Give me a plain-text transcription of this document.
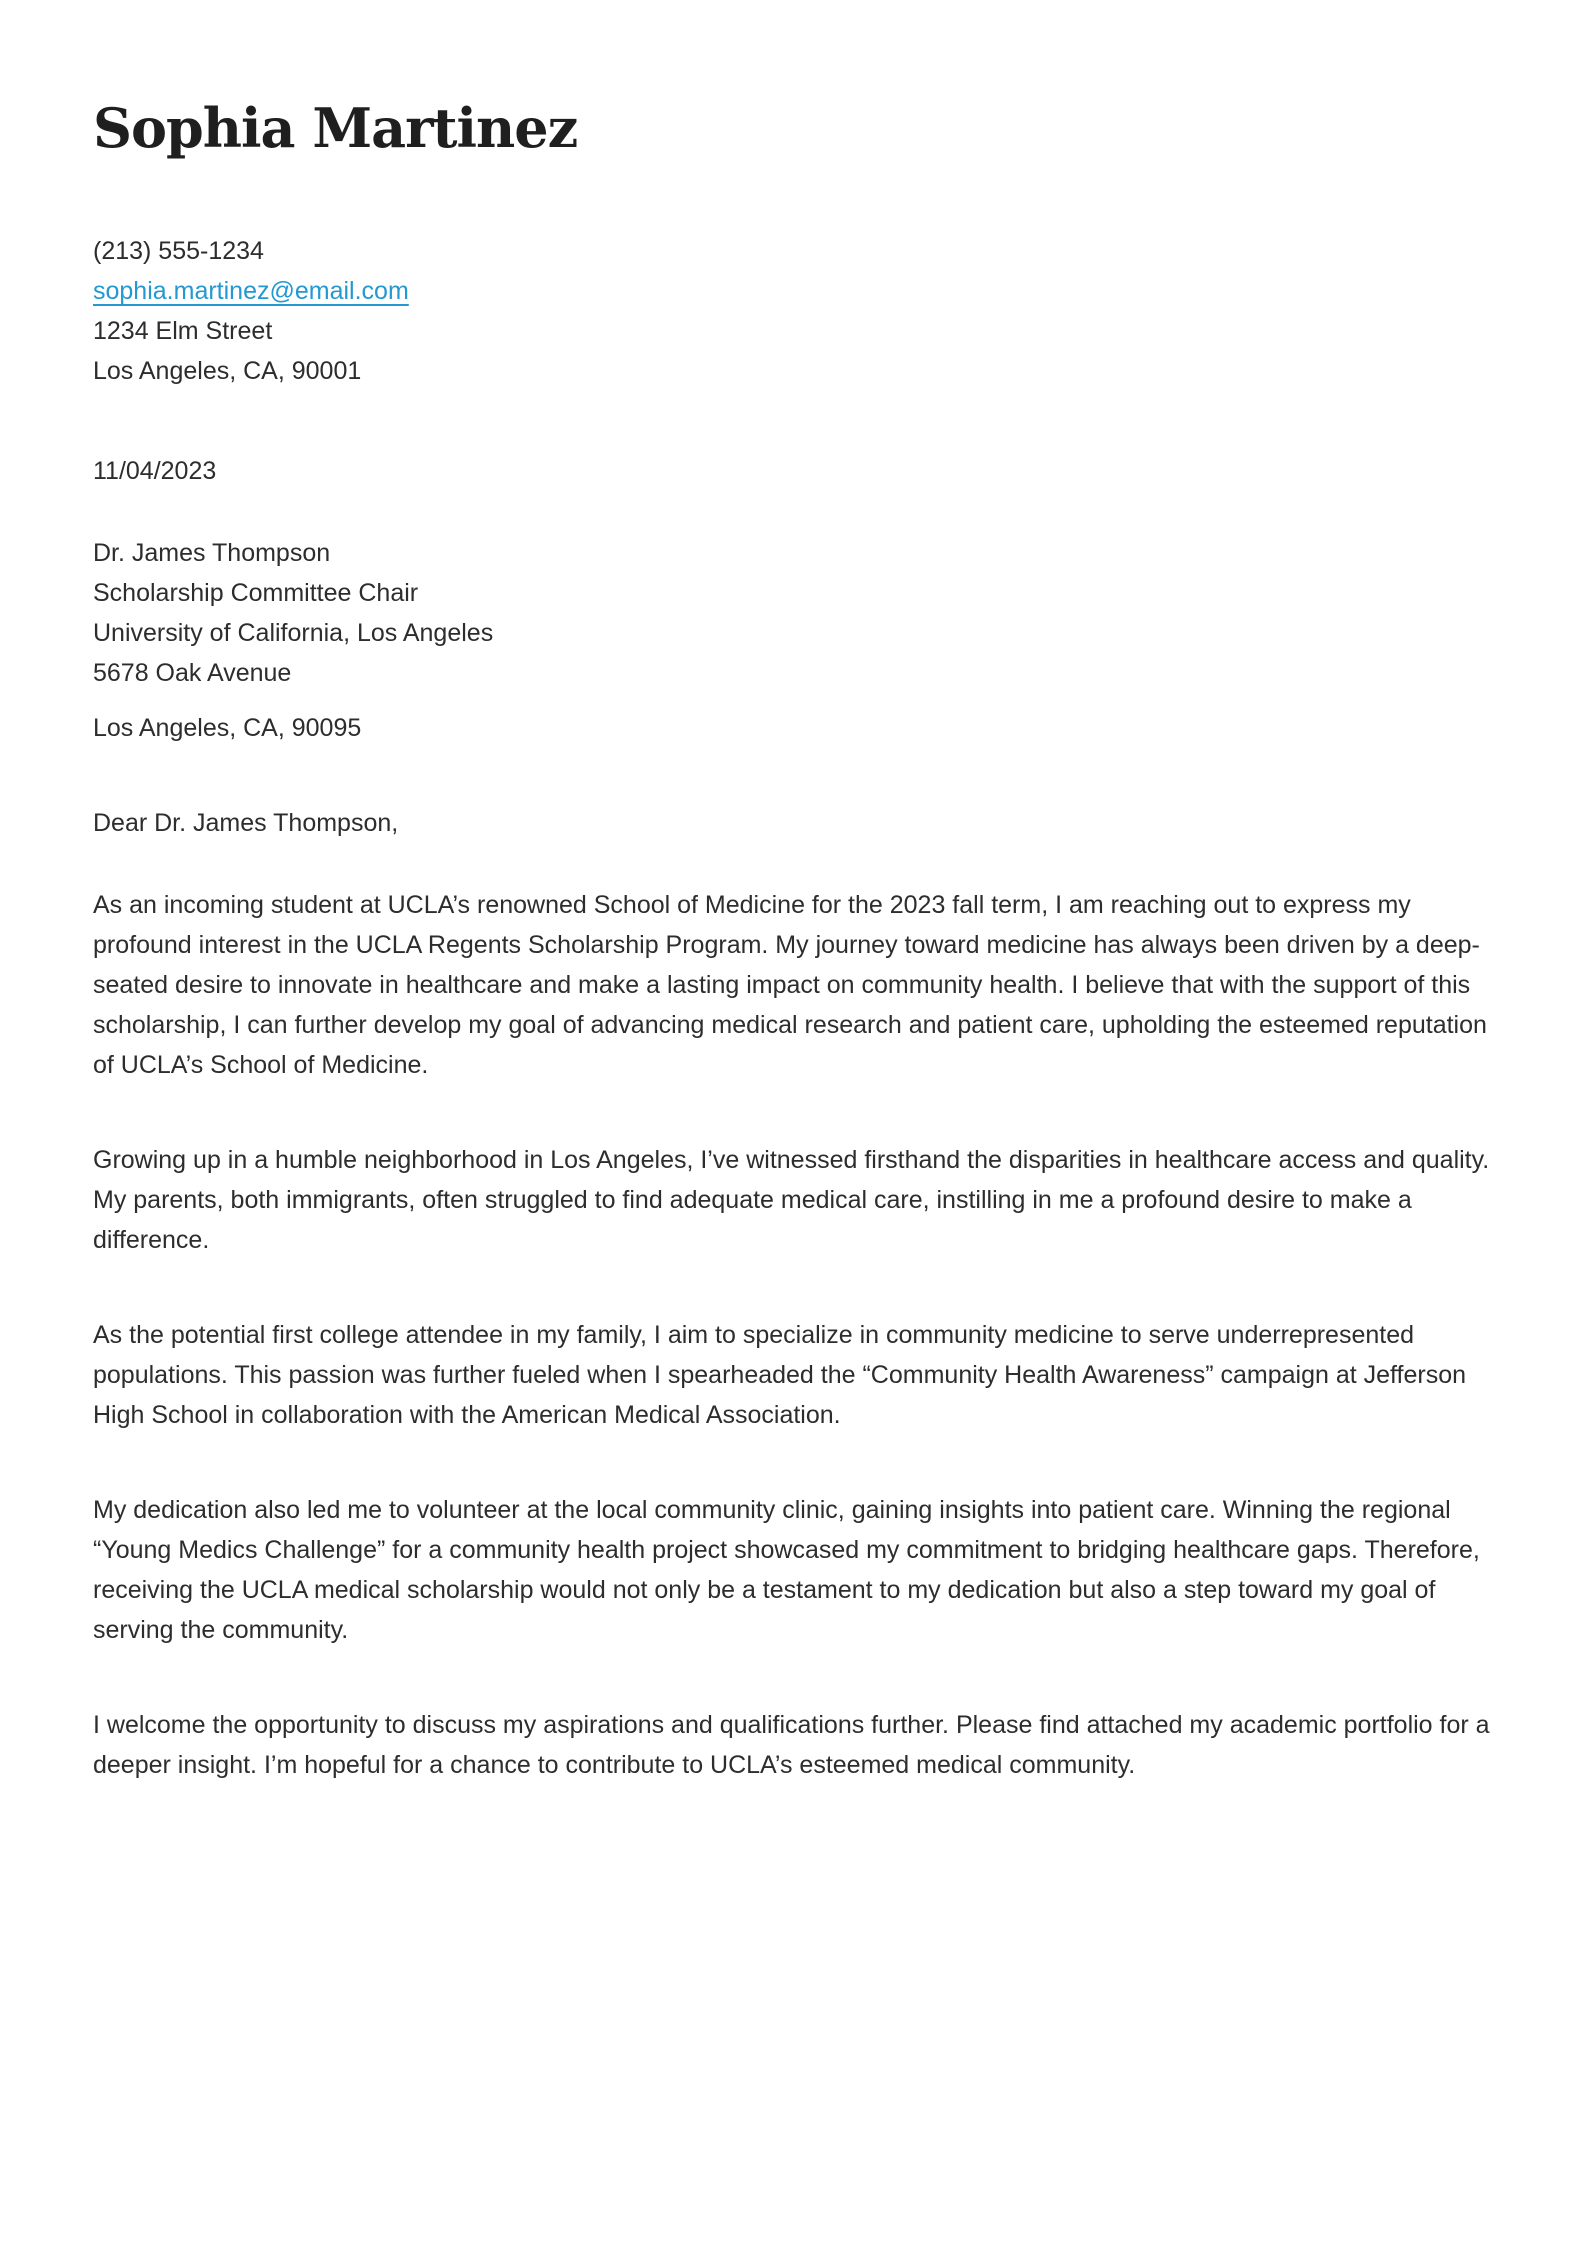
Sophia Martinez
(213) 555-1234
sophia.martinez@email.com
1234 Elm Street
Los Angeles, CA, 90001
11/04/2023
Dr. James Thompson
Scholarship Committee Chair
University of California, Los Angeles
5678 Oak Avenue
Los Angeles, CA, 90095
Dear Dr. James Thompson,

As an incoming student at UCLA’s renowned School of Medicine for the 2023 fall term, I am reaching out to express my profound interest in the UCLA Regents Scholarship Program. My journey toward medicine has always been driven by a deep-seated desire to innovate in healthcare and make a lasting impact on community health. I believe that with the support of this scholarship, I can further develop my goal of advancing medical research and patient care, upholding the esteemed reputation of UCLA’s School of Medicine.

Growing up in a humble neighborhood in Los Angeles, I’ve witnessed firsthand the disparities in healthcare access and quality. My parents, both immigrants, often struggled to find adequate medical care, instilling in me a profound desire to make a difference.

As the potential first college attendee in my family, I aim to specialize in community medicine to serve underrepresented populations. This passion was further fueled when I spearheaded the “Community Health Awareness” campaign at Jefferson High School in collaboration with the American Medical Association.

My dedication also led me to volunteer at the local community clinic, gaining insights into patient care. Winning the regional “Young Medics Challenge” for a community health project showcased my commitment to bridging healthcare gaps. Therefore, receiving the UCLA medical scholarship would not only be a testament to my dedication but also a step toward my goal of serving the community.

I welcome the opportunity to discuss my aspirations and qualifications further. Please find attached my academic portfolio for a deeper insight. I’m hopeful for a chance to contribute to UCLA’s esteemed medical community.
